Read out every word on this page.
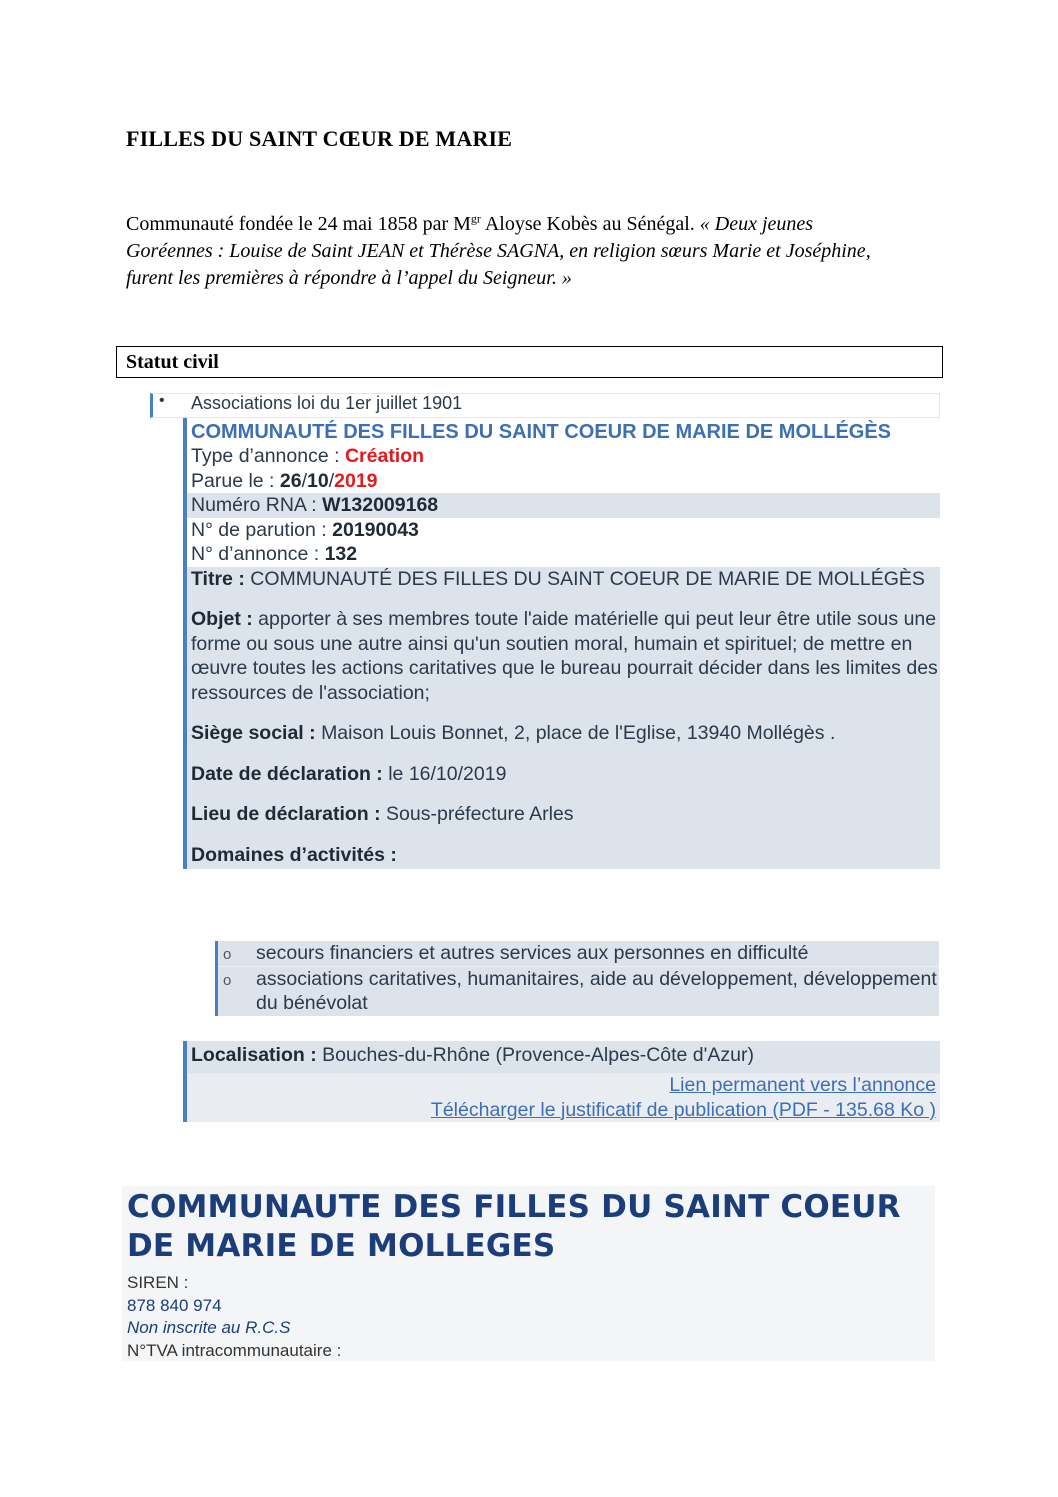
FILLES DU SAINT CŒUR DE MARIE
Communauté fondée le 24 mai 1858 par $M^{gr}$ Aloyse Kobès au Sénégal. « Deux jeunes
Goréennes : Louise de Saint JEAN et Thérèse SAGNA, en religion sœurs Marie et Joséphine,
furent les premières à répondre à l’appel du Seigneur. »
Statut civil
• Associations loi du 1er juillet 1901
COMMUNAUTÉ DES FILLES DU SAINT COEUR DE MARIE DE MOLLÉGÈS
Type d’annonce : Création
Parue le : 26/10/2019
Numéro RNA : W132009168
N° de parution : 20190043
N° d’annonce : 132

Titre : COMMUNAUTÉ DES FILLES DU SAINT COEUR DE MARIE DE MOLLÉGÈS

Objet : apporter à ses membres toute l'aide matérielle qui peut leur être utile sous une forme ou sous une autre ainsi qu'un soutien moral, humain et spirituel; de mettre en œuvre toutes les actions caritatives que le bureau pourrait décider dans les limites des ressources de l'association;

Siège social : Maison Louis Bonnet, 2, place de l'Eglise, 13940 Mollégès .

Date de déclaration : le 16/10/2019

Lieu de déclaration : Sous-préfecture Arles

Domaines d’activités :

o secours financiers et autres services aux personnes en difficulté
o associations caritatives, humanitaires, aide au développement, développement du bénévolat
Localisation : Bouches-du-Rhône (Provence-Alpes-Côte d'Azur)
Lien permanent vers l’annonce
Télécharger le justificatif de publication (PDF - 135.68 Ko )
COMMUNAUTE DES FILLES DU SAINT COEUR DE MARIE DE MOLLEGES
SIREN :
878 840 974
Non inscrite au R.C.S
N°TVA intracommunautaire :
